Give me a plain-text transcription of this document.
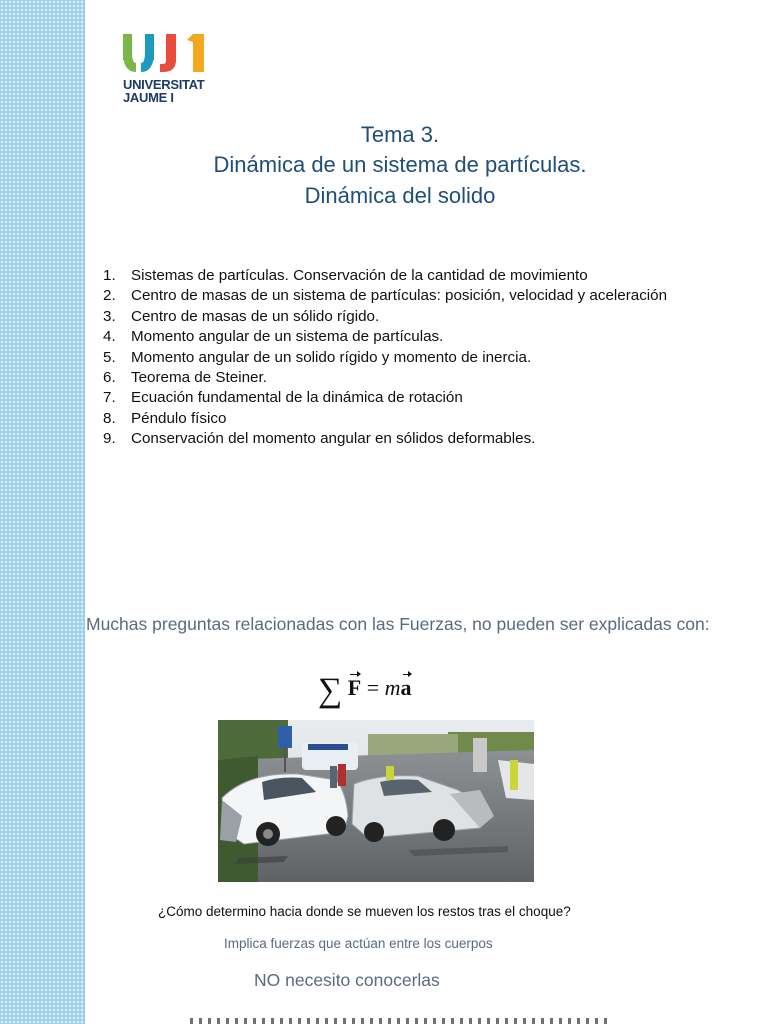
UNIVERSITAT
JAUME I
Tema 3.
Dinámica de un sistema de partículas.
Dinámica del solido
1. Sistemas de partículas. Conservación de la cantidad de movimiento
2. Centro de masas de un sistema de partículas: posición, velocidad y aceleración
3. Centro de masas de un sólido rígido.
4. Momento angular de un sistema de partículas.
5. Momento angular de un solido rígido y momento de inercia.
6. Teorema de Steiner.
7. Ecuación fundamental de la dinámica de rotación
8. Péndulo físico
9. Conservación del momento angular en sólidos deformables.
Muchas preguntas relacionadas con las Fuerzas, no pueden ser explicadas con:
∑ F = ma
¿Cómo determino hacia donde se mueven los restos tras el choque?
Implica fuerzas que actúan entre los cuerpos
NO necesito conocerlas
